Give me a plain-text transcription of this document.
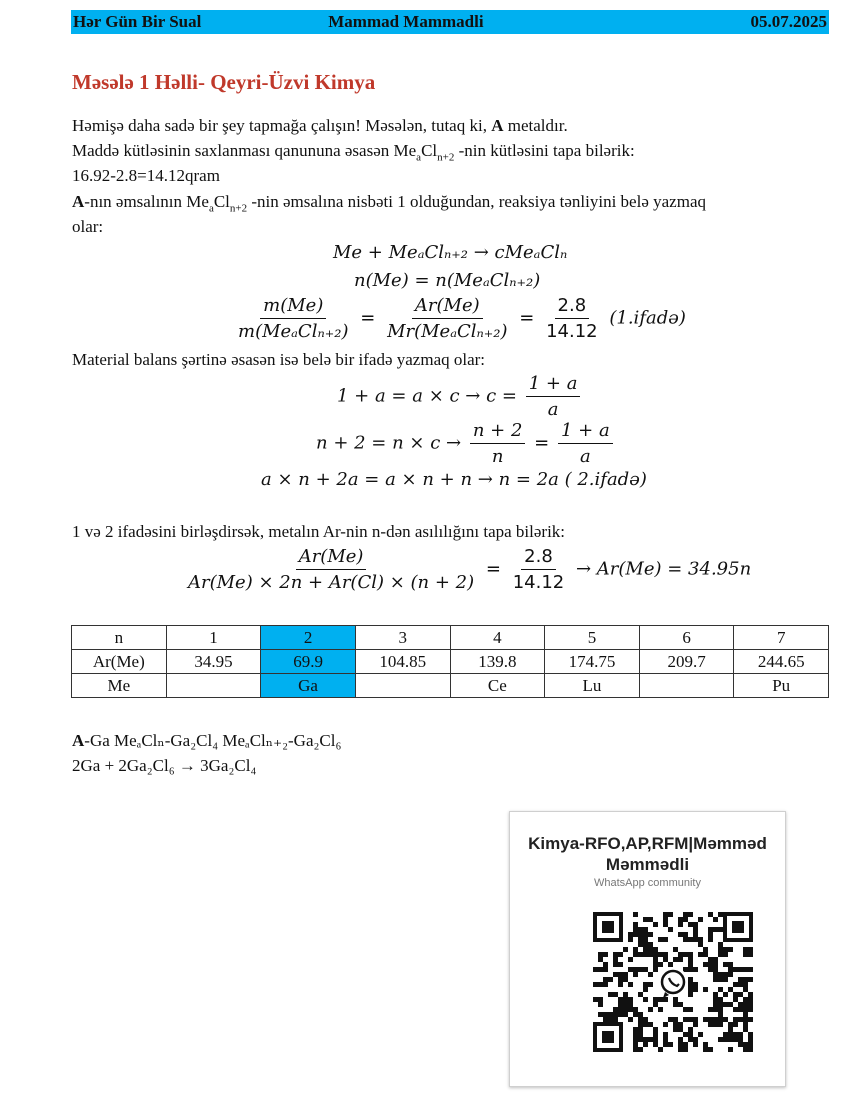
Hər Gün Bir Sual	Mammad Mammadli	05.07.2025
Məsələ 1 Həlli- Qeyri-Üzvi Kimya
Həmişə daha sadə bir şey tapmağa çalışın! Məsələn, tutaq ki, A metaldır.
Maddə kütləsinin saxlanması qanununa əsasən $Me_aCl_{n+2}$ -nin kütləsini tapa bilərik:
16.92-2.8=14.12qram
A-nın əmsalının $Me_aCl_{n+2}$ -nin əmsalına nisbəti 1 olduğundan, reaksiya tənliyini belə yazmaq
olar:
Me + MeₐClₙ₊₂ → cMeₐClₙ
n(Me) = n(MeₐClₙ₊₂)
$\frac{m(Me)}{\text{m(MeₐClₙ₊₂)}} = \frac{Ar(Me)}{\text{Mr(MeₐClₙ₊₂)}} = \frac{2.8}{14.12}$ (1.ifadə)
Material balans şərtinə əsasən isə belə bir ifadə yazmaq olar:
$1 + a = a \times c \to c = \frac{1 + a}{a}$
$n + 2 = n \times c \to \frac{n + 2}{n} = \frac{1 + a}{a}$
a × n + 2a = a × n + n → n = 2a ( 2.ifadə)
1 və 2 ifadəsini birləşdirsək, metalın Ar-nin n-dən asılılığını tapa bilərik:
$\frac{Ar(Me)}{Ar(Me) \times 2n + Ar(Cl) \times (n + 2)} = \frac{2.8}{14.12} \to Ar(Me) = 34.95n$
n	1	2	3	4	5	6	7
Ar(Me)	34.95	69.9	104.85	139.8	174.75	209.7	244.65
Me		Ga		Ce	Lu		Pu
A-Ga MeₐClₙ-Ga₂Cl₄ MeₐClₙ₊₂-Ga₂Cl₆
2Ga + 2Ga₂Cl₆ → 3Ga₂Cl₄
Kimya-RFO,AP,RFM|Məmməd
Məmmədli
WhatsApp community
